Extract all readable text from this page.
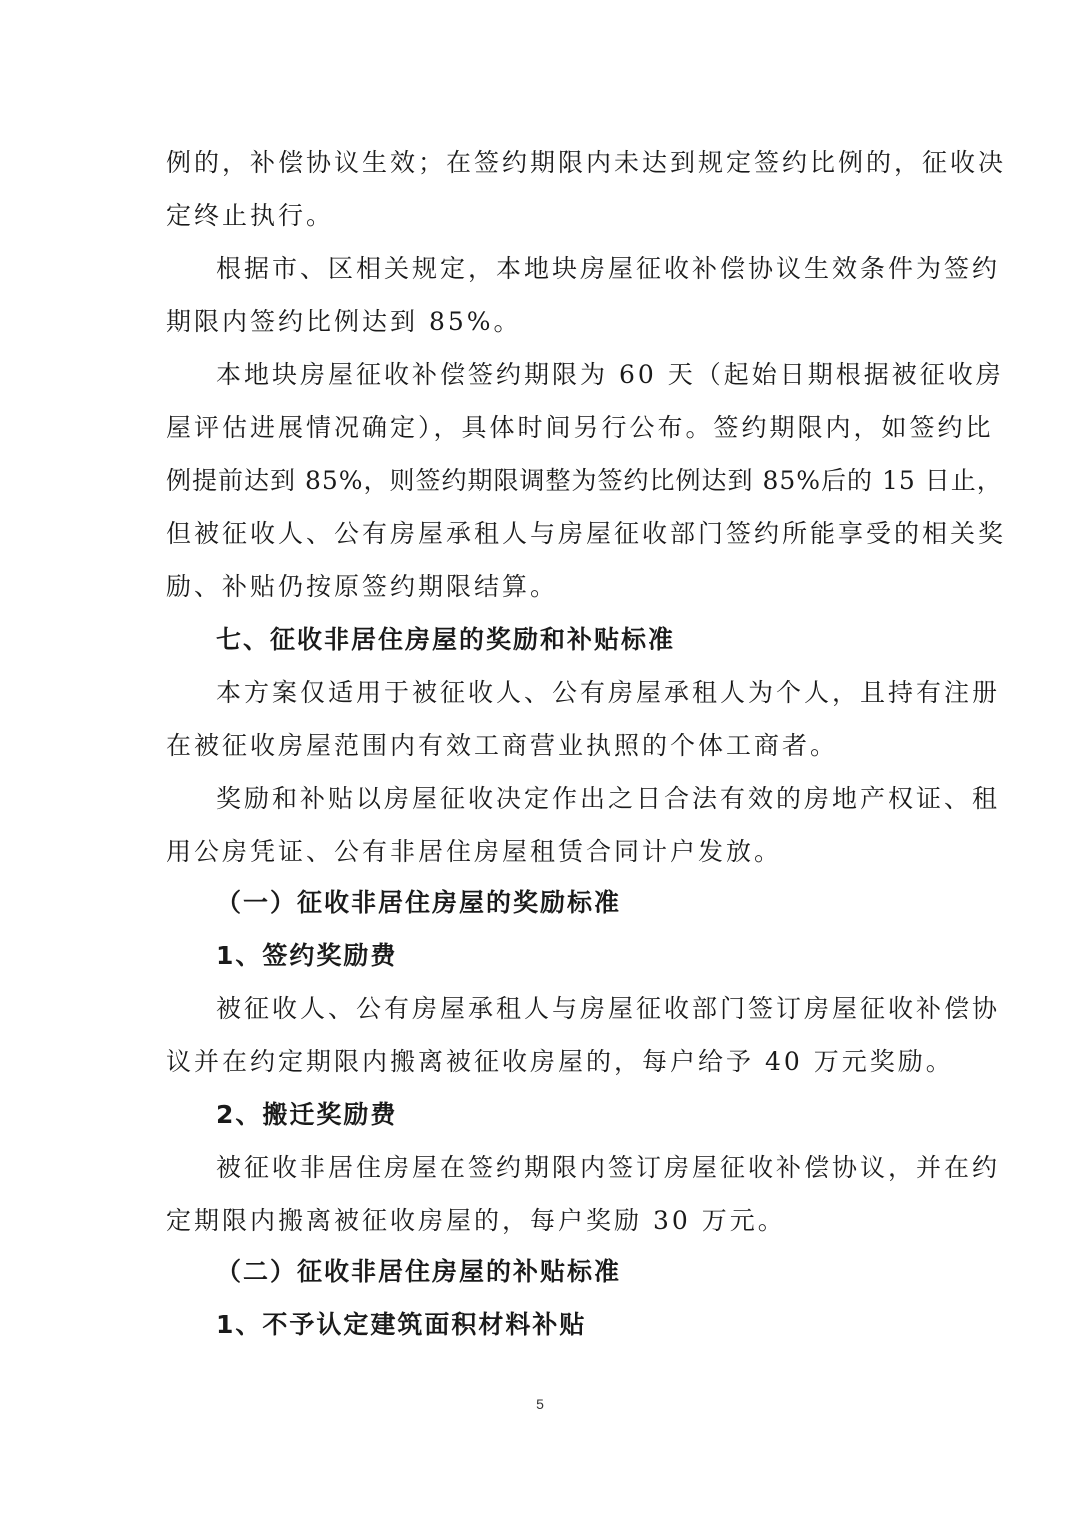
例的，补偿协议生效；在签约期限内未达到规定签约比例的，征收决
定终止执行。
根据市、区相关规定，本地块房屋征收补偿协议生效条件为签约
期限内签约比例达到 85%。
本地块房屋征收补偿签约期限为 60 天（起始日期根据被征收房
屋评估进展情况确定），具体时间另行公布。签约期限内，如签约比
例提前达到 85%，则签约期限调整为签约比例达到 85%后的 15 日止，
但被征收人、公有房屋承租人与房屋征收部门签约所能享受的相关奖
励、补贴仍按原签约期限结算。
七、征收非居住房屋的奖励和补贴标准
本方案仅适用于被征收人、公有房屋承租人为个人，且持有注册
在被征收房屋范围内有效工商营业执照的个体工商者。
奖励和补贴以房屋征收决定作出之日合法有效的房地产权证、租
用公房凭证、公有非居住房屋租赁合同计户发放。
（一）征收非居住房屋的奖励标准
1、签约奖励费
被征收人、公有房屋承租人与房屋征收部门签订房屋征收补偿协
议并在约定期限内搬离被征收房屋的，每户给予 40 万元奖励。
2、搬迁奖励费
被征收非居住房屋在签约期限内签订房屋征收补偿协议，并在约
定期限内搬离被征收房屋的，每户奖励 30 万元。
（二）征收非居住房屋的补贴标准
1、不予认定建筑面积材料补贴
5
